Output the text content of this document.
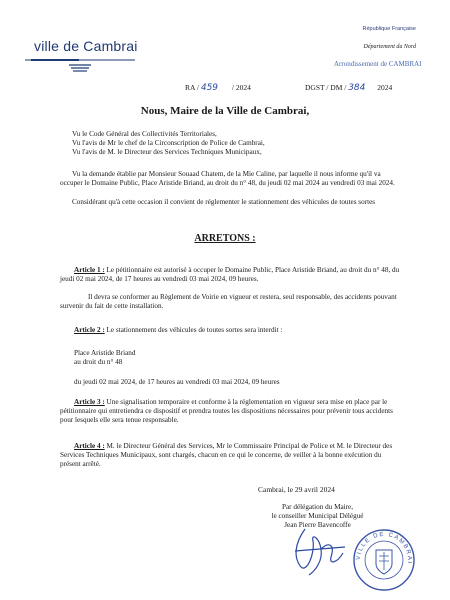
ville de Cambrai
République Française
Département du Nord
Arrondissement de CAMBRAI
RA / 459 / 2024	DGST / DM / 384 2024
Nous, Maire de la Ville de Cambrai,
Vu le Code Général des Collectivités Territoriales,
Vu l'avis de Mr le chef de la Circonscription de Police de Cambrai,
Vu l'avis de M. le Directeur des Services Techniques Municipaux,
Vu la demande établie par Monsieur Souaad Chatem, de la Mie Caline, par laquelle il nous informe qu'il va occuper le Domaine Public, Place Aristide Briand, au droit du n° 48, du jeudi 02 mai 2024 au vendredi 03 mai 2024.
Considérant qu'à cette occasion il convient de réglementer le stationnement des véhicules de toutes sortes
ARRETONS :
Article 1 : Le pétitionnaire est autorisé à occuper le Domaine Public, Place Aristide Briand, au droit du n° 48, du jeudi 02 mai 2024, de 17 heures au vendredi 03 mai 2024, 09 heures.
Il devra se conformer au Règlement de Voirie en vigueur et restera, seul responsable, des accidents pouvant survenir du fait de cette installation.
Article 2 : Le stationnement des véhicules de toutes sortes sera interdit :
Place Aristide Briand
au droit du n° 48
du jeudi 02 mai 2024, de 17 heures au vendredi 03 mai 2024, 09 heures
Article 3 : Une signalisation temporaire et conforme à la réglementation en vigueur sera mise en place par le pétitionnaire qui entretiendra ce dispositif et prendra toutes les dispositions nécessaires pour prévenir tous accidents pour lesquels elle sera tenue responsable.
Article 4 : M. le Directeur Général des Services, Mr le Commissaire Principal de Police et M. le Directeur des Services Techniques Municipaux, sont chargés, chacun en ce qui le concerne, de veiller à la bonne exécution du présent arrêté.
Cambrai, le 29 avril 2024
Par délégation du Maire,
le conseiller Municipal Délégué
Jean Pierre Bavencoffe
VILLE DE CAMBRAI
